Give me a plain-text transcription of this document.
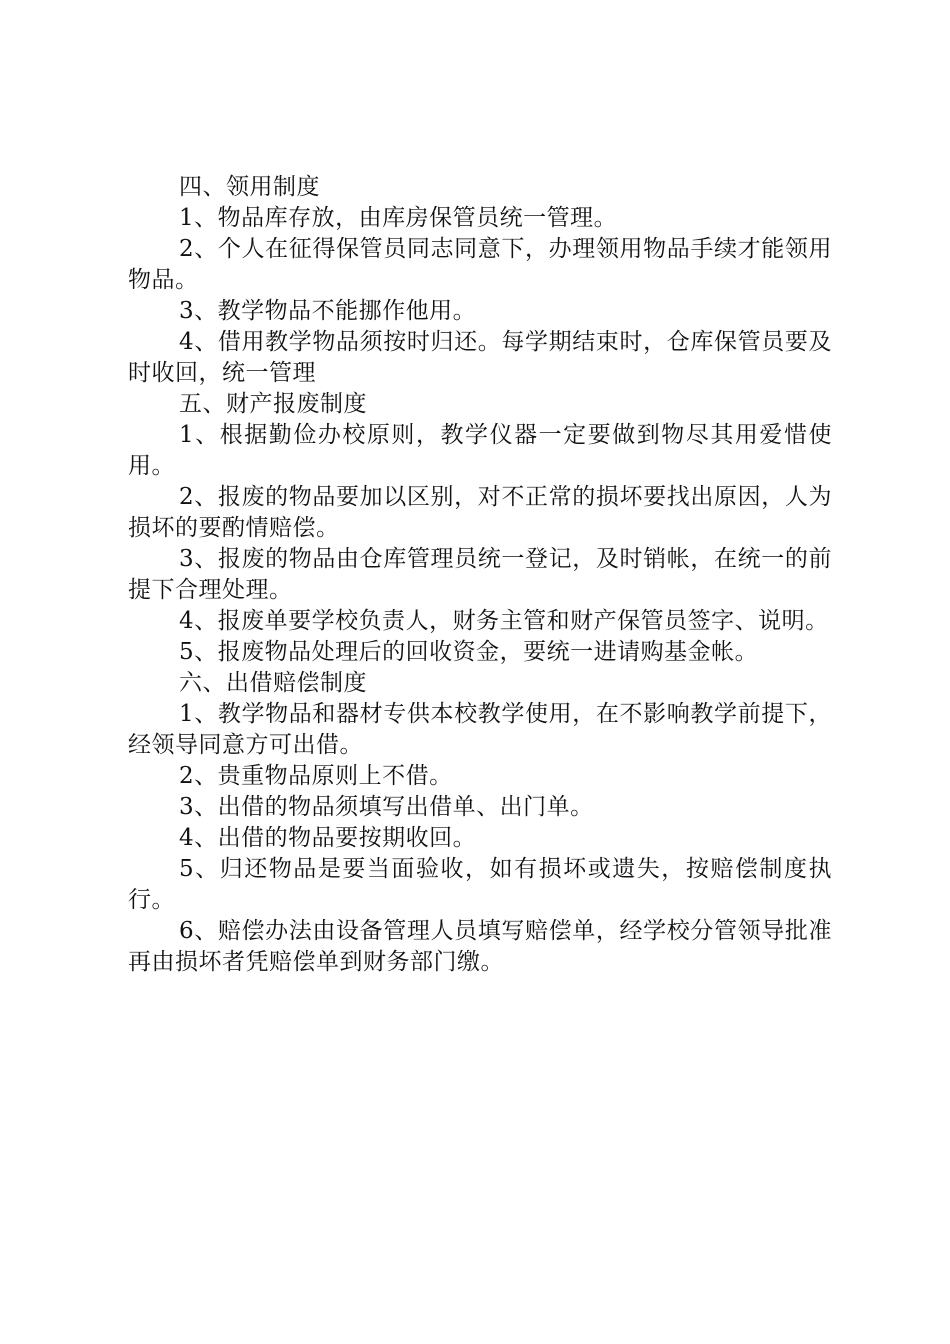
四、领用制度

1、物品库存放，由库房保管员统一管理。

2、个人在征得保管员同志同意下，办理领用物品手续才能领用物品。

3、教学物品不能挪作他用。

4、借用教学物品须按时归还。每学期结束时，仓库保管员要及时收回，统一管理

五、财产报废制度

1、根据勤俭办校原则，教学仪器一定要做到物尽其用爱惜使用。

2、报废的物品要加以区别，对不正常的损坏要找出原因，人为损坏的要酌情赔偿。

3、报废的物品由仓库管理员统一登记，及时销帐，在统一的前提下合理处理。

4、报废单要学校负责人，财务主管和财产保管员签字、说明。

5、报废物品处理后的回收资金，要统一进请购基金帐。

六、出借赔偿制度

1、教学物品和器材专供本校教学使用，在不影响教学前提下，经领导同意方可出借。

2、贵重物品原则上不借。

3、出借的物品须填写出借单、出门单。

4、出借的物品要按期收回。

5、归还物品是要当面验收，如有损坏或遗失，按赔偿制度执行。

6、赔偿办法由设备管理人员填写赔偿单，经学校分管领导批准再由损坏者凭赔偿单到财务部门缴。
